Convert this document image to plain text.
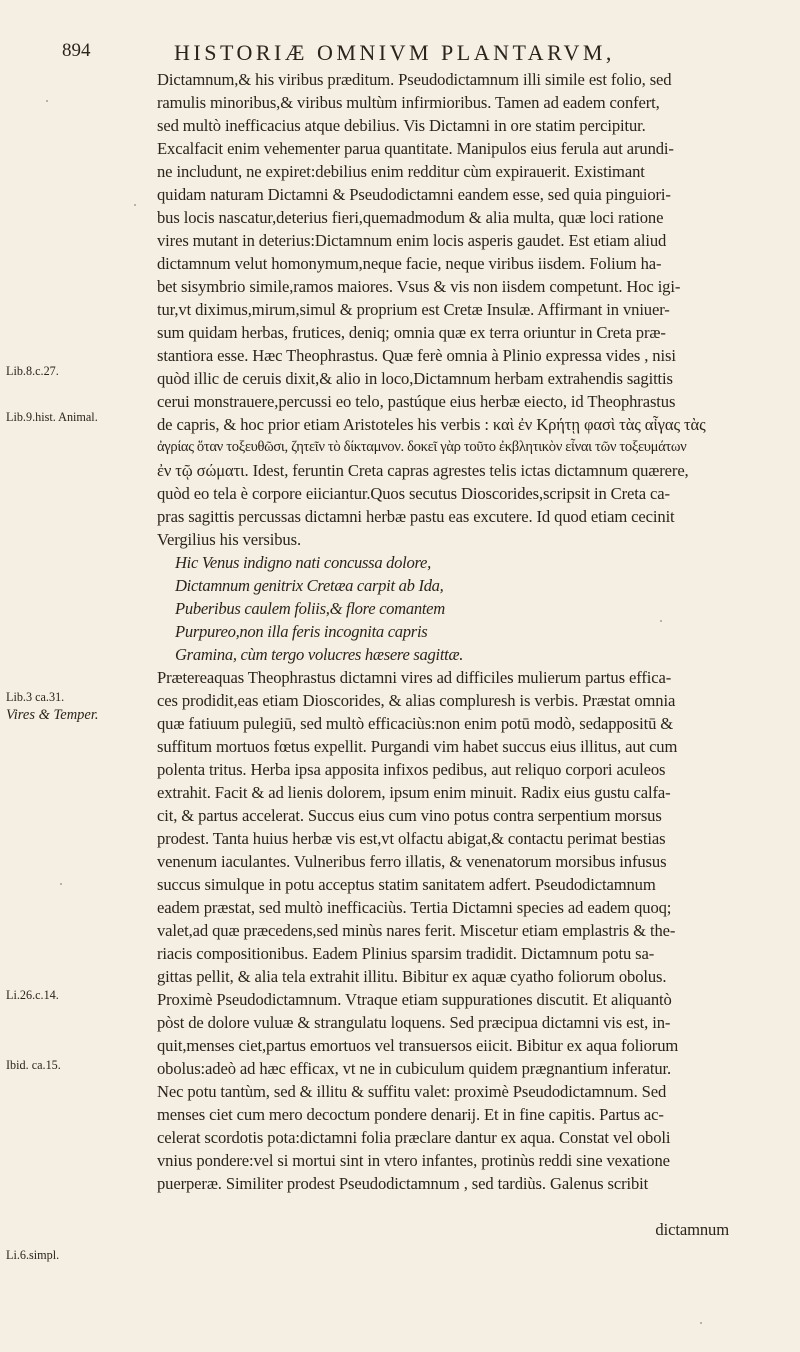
894	HISTORIÆ OMNIVM PLANTARVM,
Lib.8.c.27.
Lib.9.hist. Animal.
Lib.3 ca.31.
Vires & Temper.
Li.26.c.14.
Ibid. ca.15.
Li.6.simpl.
Dictamnum,& his viribus præditum. Pseudodictamnum illi simile est folio, sed
ramulis minoribus,& viribus multùm infirmioribus. Tamen ad eadem confert,
sed multò inefficacius atque debilius. Vis Dictamni in ore statim percipitur.
Excalfacit enim vehementer parua quantitate. Manipulos eius ferula aut arundi-
ne includunt, ne expiret:debilius enim redditur cùm expirauerit. Existimant
quidam naturam Dictamni & Pseudodictamni eandem esse, sed quia pinguiori-
bus locis nascatur,deterius fieri,quemadmodum & alia multa, quæ loci ratione
vires mutant in deterius:Dictamnum enim locis asperis gaudet. Est etiam aliud
dictamnum velut homonymum,neque facie, neque viribus iisdem. Folium ha-
bet sisymbrio simile,ramos maiores. Vsus & vis non iisdem competunt. Hoc igi-
tur,vt diximus,mirum,simul & proprium est Cretæ Insulæ. Affirmant in vniuer-
sum quidam herbas, frutices, deniq; omnia quæ ex terra oriuntur in Creta præ-
stantiora esse. Hæc Theophrastus. Quæ ferè omnia à Plinio expressa vides , nisi
quòd illic de ceruis dixit,& alio in loco,Dictamnum herbam extrahendis sagittis
cerui monstrauere,percussi eo telo, pastúque eius herbæ eiecto, id Theophrastus
de capris, & hoc prior etiam Aristoteles his verbis : καὶ ἐν Κρήτῃ φασὶ τὰς αἶγας τὰς
ἀγρίας ὅταν τοξευθῶσι, ζητεῖν τὸ δίκταμνον. δοκεῖ γὰρ τοῦτο ἐκβλητικὸν εἶναι τῶν τοξευμάτων
ἐν τῷ σώματι. Idest, feruntin Creta capras agrestes telis ictas dictamnum quærere,
quòd eo tela è corpore eiiciantur.Quos secutus Dioscorides,scripsit in Creta ca-
pras sagittis percussas dictamni herbæ pastu eas excutere. Id quod etiam cecinit
Vergilius his versibus.
Hic Venus indigno nati concussa dolore,
Dictamnum genitrix Cretæa carpit ab Ida,
Puberibus caulem foliis,& flore comantem
Purpureo,non illa feris incognita capris
Gramina, cùm tergo volucres hæsere sagittæ.
Prætereaquas Theophrastus dictamni vires ad difficiles mulierum partus effica-
ces prodidit,eas etiam Dioscorides, & alias compluresh is verbis. Præstat omnia
quæ fatiuum pulegiū, sed multò efficaciùs:non enim potū modò, sedappositū &
suffitum mortuos fœtus expellit. Purgandi vim habet succus eius illitus, aut cum
polenta tritus. Herba ipsa apposita infixos pedibus, aut reliquo corpori aculeos
extrahit. Facit & ad lienis dolorem, ipsum enim minuit. Radix eius gustu calfa-
cit, & partus accelerat. Succus eius cum vino potus contra serpentium morsus
prodest. Tanta huius herbæ vis est,vt olfactu abigat,& contactu perimat bestias
venenum iaculantes. Vulneribus ferro illatis, & venenatorum morsibus infusus
succus simulque in potu acceptus statim sanitatem adfert. Pseudodictamnum
eadem præstat, sed multò inefficaciùs. Tertia Dictamni species ad eadem quoq;
valet,ad quæ præcedens,sed minùs nares ferit. Miscetur etiam emplastris & the-
riacis compositionibus. Eadem Plinius sparsim tradidit. Dictamnum potu sa-
gittas pellit, & alia tela extrahit illitu. Bibitur ex aquæ cyatho foliorum obolus.
Proximè Pseudodictamnum. Vtraque etiam suppurationes discutit. Et aliquantò
pòst de dolore vuluæ & strangulatu loquens. Sed præcipua dictamni vis est, in-
quit,menses ciet,partus emortuos vel transuersos eiicit. Bibitur ex aqua foliorum
obolus:adeò ad hæc efficax, vt ne in cubiculum quidem prægnantium inferatur.
Nec potu tantùm, sed & illitu & suffitu valet: proximè Pseudodictamnum. Sed
menses ciet cum mero decoctum pondere denarij. Et in fine capitis. Partus ac-
celerat scordotis pota:dictamni folia præclare dantur ex aqua. Constat vel oboli
vnius pondere:vel si mortui sint in vtero infantes, protinùs reddi sine vexatione
puerperæ. Similiter prodest Pseudodictamnum , sed tardiùs. Galenus scribit
dictamnum
